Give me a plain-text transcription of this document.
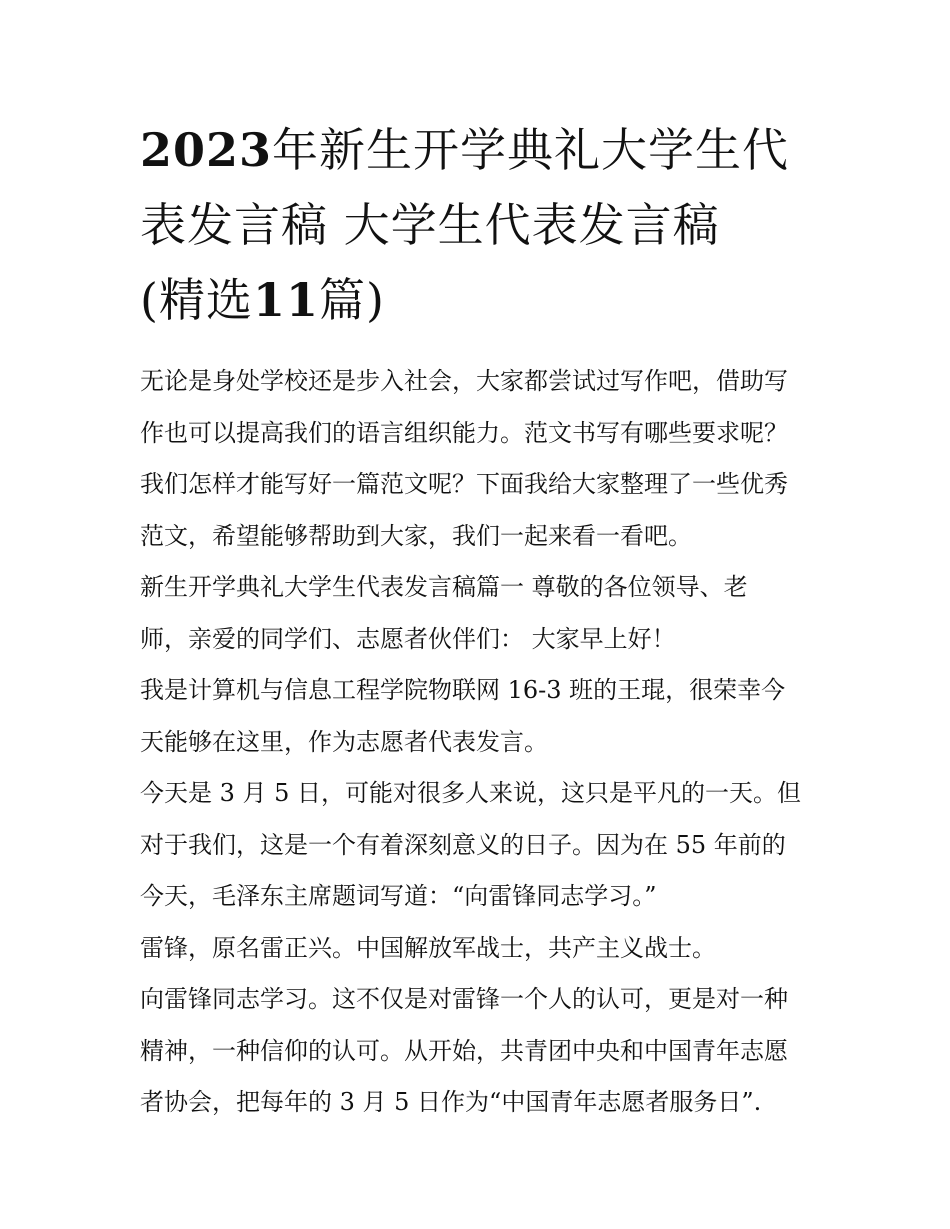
2023年新生开学典礼大学生代
表发言稿 大学生代表发言稿
(精选11篇)
无论是身处学校还是步入社会，大家都尝试过写作吧，借助写
作也可以提高我们的语言组织能力。范文书写有哪些要求呢？
我们怎样才能写好一篇范文呢？下面我给大家整理了一些优秀
范文，希望能够帮助到大家，我们一起来看一看吧。
新生开学典礼大学生代表发言稿篇一 尊敬的各位领导、老
师，亲爱的同学们、志愿者伙伴们： 大家早上好！
我是计算机与信息工程学院物联网 16-3 班的王琨，很荣幸今
天能够在这里，作为志愿者代表发言。
今天是 3 月 5 日，可能对很多人来说，这只是平凡的一天。但
对于我们，这是一个有着深刻意义的日子。因为在 55 年前的
今天，毛泽东主席题词写道：“向雷锋同志学习。”
雷锋，原名雷正兴。中国解放军战士，共产主义战士。
向雷锋同志学习。这不仅是对雷锋一个人的认可，更是对一种
精神，一种信仰的认可。从开始，共青团中央和中国青年志愿
者协会，把每年的 3 月 5 日作为“中国青年志愿者服务日”.
